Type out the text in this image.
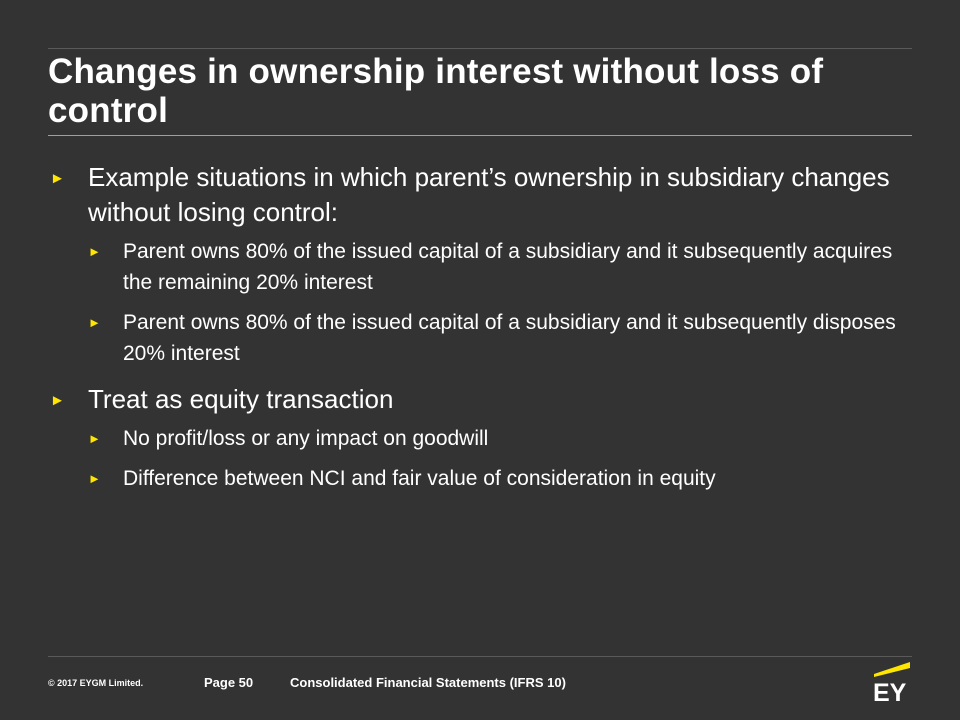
Changes in ownership interest without loss of control
► Example situations in which parent’s ownership in subsidiary changes without losing control:
► Parent owns 80% of the issued capital of a subsidiary and it subsequently acquires the remaining 20% interest
► Parent owns 80% of the issued capital of a subsidiary and it subsequently disposes 20% interest
► Treat as equity transaction
► No profit/loss or any impact on goodwill
► Difference between NCI and fair value of consideration in equity
© 2017 EYGM Limited.	Page 50	Consolidated Financial Statements (IFRS 10)	EY
